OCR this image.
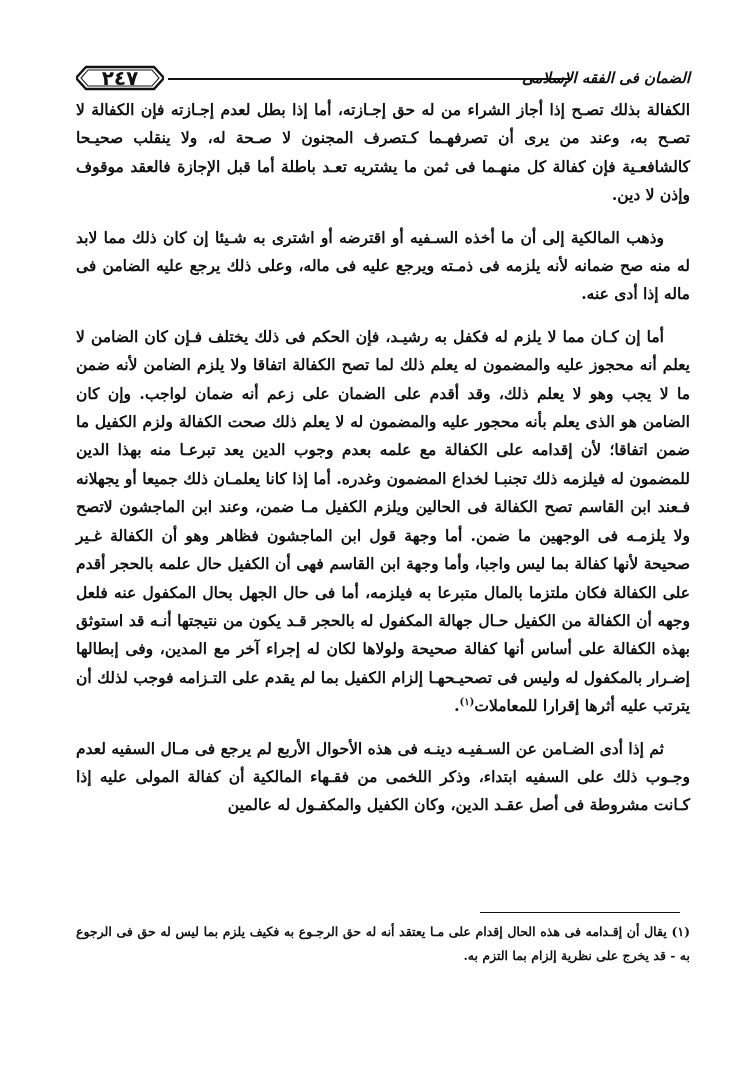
٢٤٧	الضمان فى الفقه الإسلامى

الكفالة بذلك تصـح إذا أجاز الشراء من له حق إجـازته، أما إذا بطل لعدم إجـازته فإن الكفالة لا تصـح به، وعند من يرى أن تصرفهـما كـتصرف المجنون لا صـحة له، ولا ينقلب صحيـحا كالشافعـية فإن كفالة كل منهـما فى ثمن ما يشتريه تعـد باطلة أما قبل الإجازة فالعقد موقوف وإذن لا دين.

وذهب المالكية إلى أن ما أخذه السـفيه أو اقترضه أو اشترى به شـيئا إن كان ذلك مما لابد له منه صح ضمانه لأنه يلزمه فى ذمـته ويرجع عليه فى ماله، وعلى ذلك يرجع عليه الضامن فى ماله إذا أدى عنه.

أما إن كـان مما لا يلزم له فكفل به رشيـد، فإن الحكم فى ذلك يختلف فـإن كان الضامن لا يعلم أنه محجوز عليه والمضمون له يعلم ذلك لما تصح الكفالة اتفاقا ولا يلزم الضامن لأنه ضمن ما لا يجب وهو لا يعلم ذلك، وقد أقدم على الضمان على زعم أنه ضمان لواجب. وإن كان الضامن هو الذى يعلم بأنه محجور عليه والمضمون له لا يعلم ذلك صحت الكفالة ولزم الكفيل ما ضمن اتفاقا؛ لأن إقدامه على الكفالة مع علمه بعدم وجوب الدين يعد تبرعـا منه بهذا الدين للمضمون له فيلزمه ذلك تجنبـا لخداع المضمون وغدره. أما إذا كانا يعلمـان ذلك جميعا أو يجهلانه فـعند ابن القاسم تصح الكفالة فى الحالين ويلزم الكفيل مـا ضمن، وعند ابن الماجشون لاتصح ولا يلزمـه فى الوجهين ما ضمن. أما وجهة قول ابن الماجشون فظاهر وهو أن الكفالة غـير صحيحة لأنها كفالة بما ليس واجبا، وأما وجهة ابن القاسم فهى أن الكفيل حال علمه بالحجر أقدم على الكفالة فكان ملتزما بالمال متبرعا به فيلزمه، أما فى حال الجهل بحال المكفول عنه فلعل وجهه أن الكفالة من الكفيل حـال جهالة المكفول له بالحجر قـد يكون من نتيجتها أنـه قد استوثق بهذه الكفالة على أساس أنها كفالة صحيحة ولولاها لكان له إجراء آخر مع المدين، وفى إبطالها إضـرار بالمكفول له وليس فى تصحيـحهـا إلزام الكفيل بما لم يقدم على التـزامه فوجب لذلك أن يترتب عليه أثرها إقرارا للمعاملات$^{(١)}$.

ثم إذا أدى الضـامن عن السـفيـه دينـه فى هذه الأحوال الأربع لم يرجع فى مـال السفيه لعدم وجـوب ذلك على السفيه ابتداء، وذكر اللخمى من فقـهاء المالكية أن كفالة المولى عليه إذا كـانت مشروطة فى أصل عقـد الدين، وكان الكفيل والمكفـول له عالمين

(١) يقال أن إقـدامه فى هذه الحال إقدام على مـا يعتقد أنه له حق الرجـوع به فكيف يلزم بما ليس له حق فى الرجوع به - قد يخرج على نظرية إلزام بما التزم به.
